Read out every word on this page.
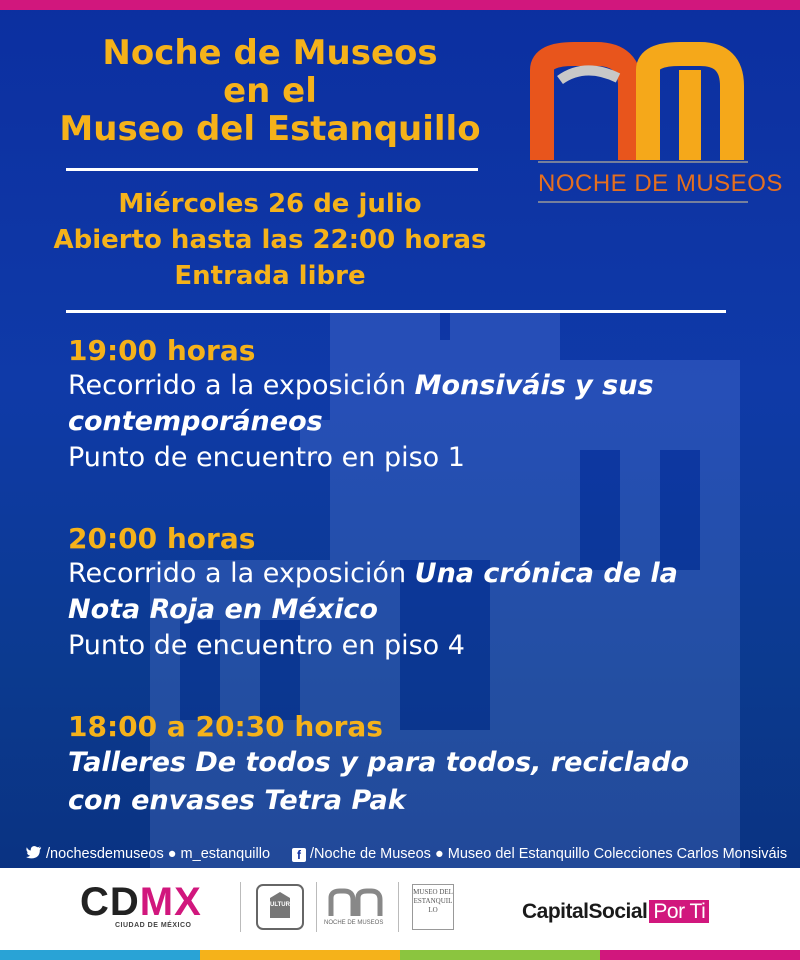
Noche de Museos
en el
Museo del Estanquillo
Miércoles 26 de julio
Abierto hasta las 22:00 horas
Entrada libre
NOCHE DE MUSEOS
19:00 horas
Recorrido a la exposición Monsiváis y sus
contemporáneos
Punto de encuentro en piso 1
20:00 horas
Recorrido a la exposición Una crónica de la
Nota Roja en México
Punto de encuentro en piso 4
18:00 a 20:30 horas
Talleres De todos y para todos, reciclado
con envases Tetra Pak
/nochesdemuseos ● m_estanquillo	f /Noche de Museos ● Museo del Estanquillo Colecciones Carlos Monsiváis
CDMX
CIUDAD DE MÉXICO
CULTURA
NOCHE DE MUSEOS
MUSEO DEL ESTANQUILLO	CapitalSocial Por Ti
